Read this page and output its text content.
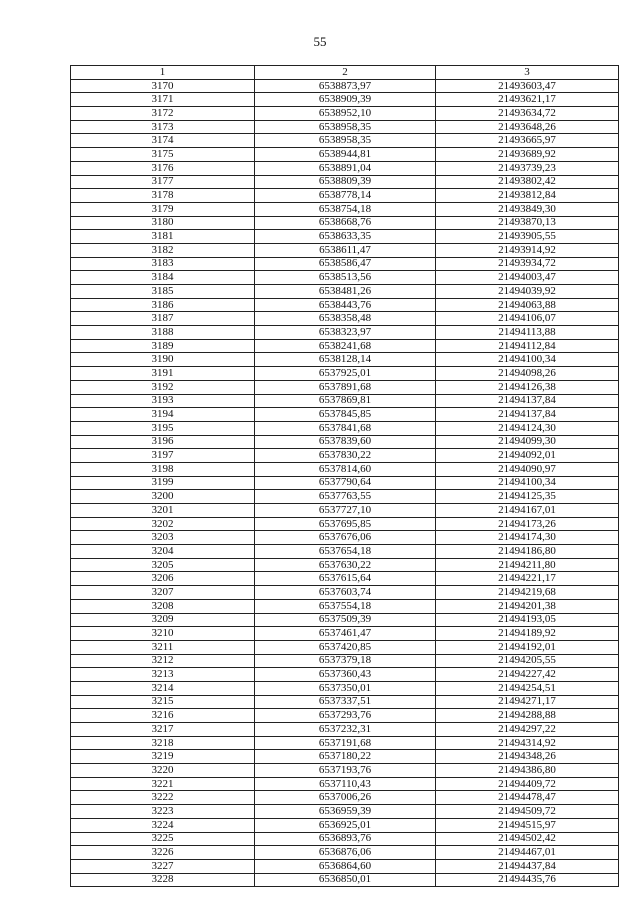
55
1	2	3
3170	6538873,97	21493603,47
3171	6538909,39	21493621,17
3172	6538952,10	21493634,72
3173	6538958,35	21493648,26
3174	6538958,35	21493665,97
3175	6538944,81	21493689,92
3176	6538891,04	21493739,23
3177	6538809,39	21493802,42
3178	6538778,14	21493812,84
3179	6538754,18	21493849,30
3180	6538668,76	21493870,13
3181	6538633,35	21493905,55
3182	6538611,47	21493914,92
3183	6538586,47	21493934,72
3184	6538513,56	21494003,47
3185	6538481,26	21494039,92
3186	6538443,76	21494063,88
3187	6538358,48	21494106,07
3188	6538323,97	21494113,88
3189	6538241,68	21494112,84
3190	6538128,14	21494100,34
3191	6537925,01	21494098,26
3192	6537891,68	21494126,38
3193	6537869,81	21494137,84
3194	6537845,85	21494137,84
3195	6537841,68	21494124,30
3196	6537839,60	21494099,30
3197	6537830,22	21494092,01
3198	6537814,60	21494090,97
3199	6537790,64	21494100,34
3200	6537763,55	21494125,35
3201	6537727,10	21494167,01
3202	6537695,85	21494173,26
3203	6537676,06	21494174,30
3204	6537654,18	21494186,80
3205	6537630,22	21494211,80
3206	6537615,64	21494221,17
3207	6537603,74	21494219,68
3208	6537554,18	21494201,38
3209	6537509,39	21494193,05
3210	6537461,47	21494189,92
3211	6537420,85	21494192,01
3212	6537379,18	21494205,55
3213	6537360,43	21494227,42
3214	6537350,01	21494254,51
3215	6537337,51	21494271,17
3216	6537293,76	21494288,88
3217	6537232,31	21494297,22
3218	6537191,68	21494314,92
3219	6537180,22	21494348,26
3220	6537193,76	21494386,80
3221	6537110,43	21494409,72
3222	6537006,26	21494478,47
3223	6536959,39	21494509,72
3224	6536925,01	21494515,97
3225	6536893,76	21494502,42
3226	6536876,06	21494467,01
3227	6536864,60	21494437,84
3228	6536850,01	21494435,76
